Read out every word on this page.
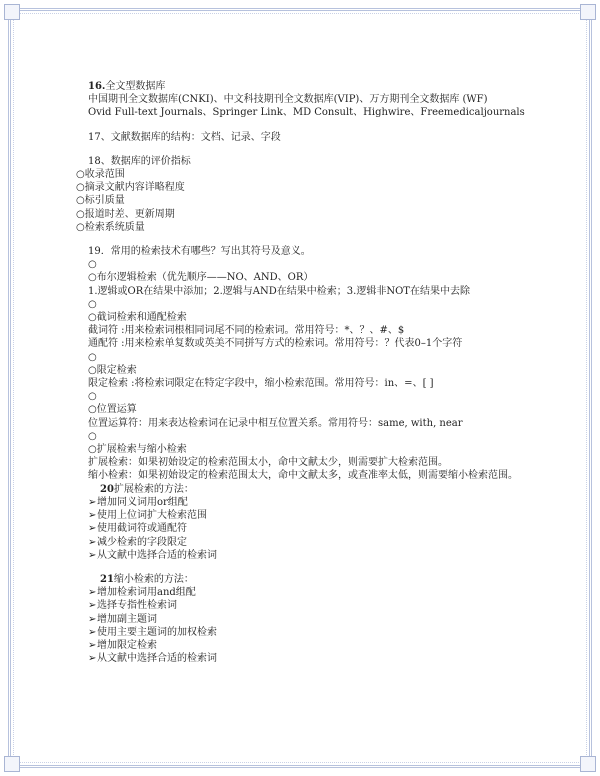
16.全文型数据库
中国期刊全文数据库(CNKI)、中文科技期刊全文数据库(VIP)、万方期刊全文数据库 (WF)
Ovid Full-text Journals、Springer Link、MD Consult、Highwire、Freemedicaljournals
17、文献数据库的结构：文档、记录、字段
18、数据库的评价指标
○收录范围
○摘录文献内容详略程度
○标引质量
○报道时差、更新周期
○检索系统质量
19．常用的检索技术有哪些？写出其符号及意义。
○
○布尔逻辑检索（优先顺序——NO、AND、OR）
1.逻辑或OR在结果中添加；2.逻辑与AND在结果中检索；3.逻辑非NOT在结果中去除
○
○截词检索和通配检索
截词符 :用来检索词根相同词尾不同的检索词。常用符号：*、？、#、$
通配符 :用来检索单复数或英美不同拼写方式的检索词。常用符号：？代表0–1个字符
○
○限定检索
限定检索 :将检索词限定在特定字段中，缩小检索范围。常用符号：in、=、[ ]
○
○位置运算
位置运算符：用来表达检索词在记录中相互位置关系。常用符号：same, with, near
○
○扩展检索与缩小检索
扩展检索：如果初始设定的检索范围太小，命中文献太少，则需要扩大检索范围。
缩小检索：如果初始设定的检索范围太大，命中文献太多，或查准率太低，则需要缩小检索范围。
20扩展检索的方法：
➢增加同义词用or组配
➢使用上位词扩大检索范围
➢使用截词符或通配符
➢减少检索的字段限定
➢从文献中选择合适的检索词
21缩小检索的方法：
➢增加检索词用and组配
➢选择专指性检索词
➢增加副主题词
➢使用主要主题词的加权检索
➢增加限定检索
➢从文献中选择合适的检索词
